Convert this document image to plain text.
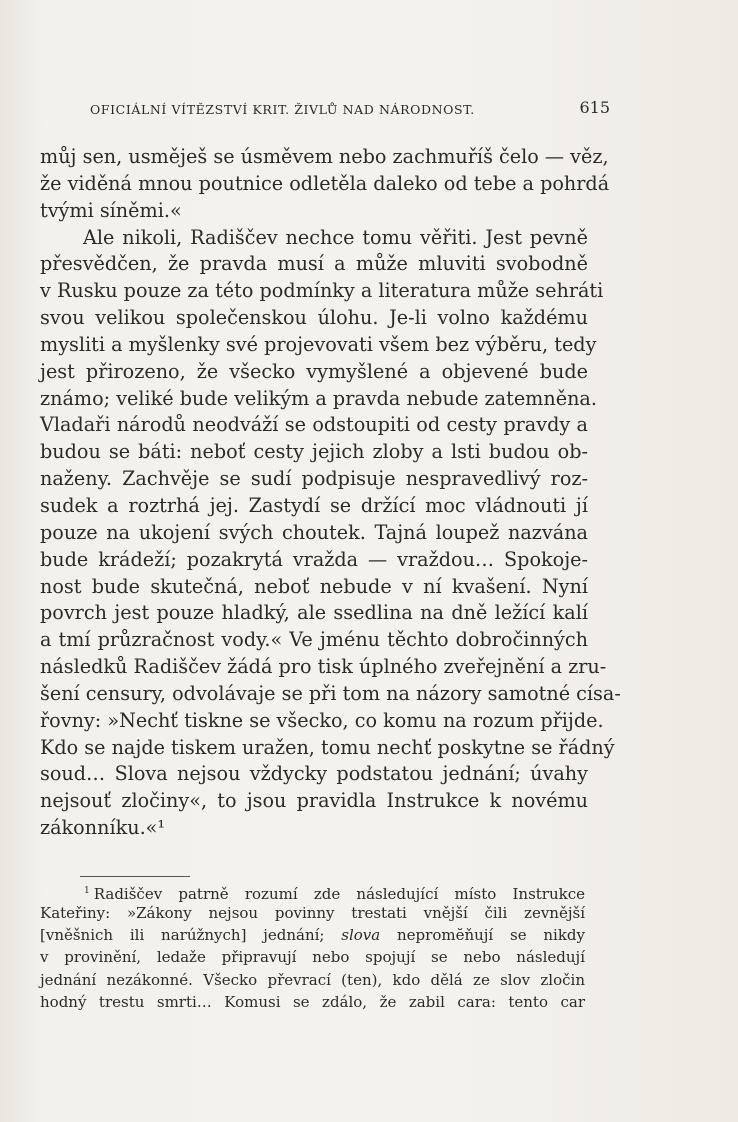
OFICIÁLNÍ VÍTĚZSTVÍ KRIT. ŽIVLŮ NAD NÁRODNOST.	615
můj sen, usměješ se úsměvem nebo zachmuříš čelo — věz,
že viděná mnou poutnice odletěla daleko od tebe a pohrdá
tvými síněmi.«
Ale nikoli, Radiščev nechce tomu věřiti. Jest pevně
přesvědčen, že pravda musí a může mluviti svobodně
v Rusku pouze za této podmínky a literatura může sehráti
svou velikou společenskou úlohu. Je-li volno každému
mysliti a myšlenky své projevovati všem bez výběru, tedy
jest přirozeno, že všecko vymyšlené a objevené bude
známo; veliké bude velikým a pravda nebude zatemněna.
Vladaři národů neodváží se odstoupiti od cesty pravdy a
budou se báti: neboť cesty jejich zloby a lsti budou ob-
naženy. Zachvěje se sudí podpisuje nespravedlivý roz-
sudek a roztrhá jej. Zastydí se držící moc vládnouti jí
pouze na ukojení svých choutek. Tajná loupež nazvána
bude krádeží; pozakrytá vražda — vraždou… Spokoje-
nost bude skutečná, neboť nebude v ní kvašení. Nyní
povrch jest pouze hladký, ale ssedlina na dně ležící kalí
a tmí průzračnost vody.« Ve jménu těchto dobročinných
následků Radiščev žádá pro tisk úplného zveřejnění a zru-
šení censury, odvolávaje se při tom na názory samotné císa-
řovny: »Nechť tiskne se všecko, co komu na rozum přijde.
Kdo se najde tiskem uražen, tomu nechť poskytne se řádný
soud… Slova nejsou vždycky podstatou jednání; úvahy
nejsouť zločiny«, to jsou pravidla Instrukce k novému
zákonníku.«¹
$^1$ Radiščev patrně rozumí zde následující místo Instrukce
Kateřiny: »Zákony nejsou povinny trestati vnější čili zevnější
[vněšnich ili narúžnych] jednání; slova nepromĕňují se nikdy
v provinění, ledaže připravují nebo spojují se nebo následují
jednání nezákonné. Všecko převrací (ten), kdo dělá ze slov zločin
hodný trestu smrti… Komusi se zdálo, že zabil cara: tento car
